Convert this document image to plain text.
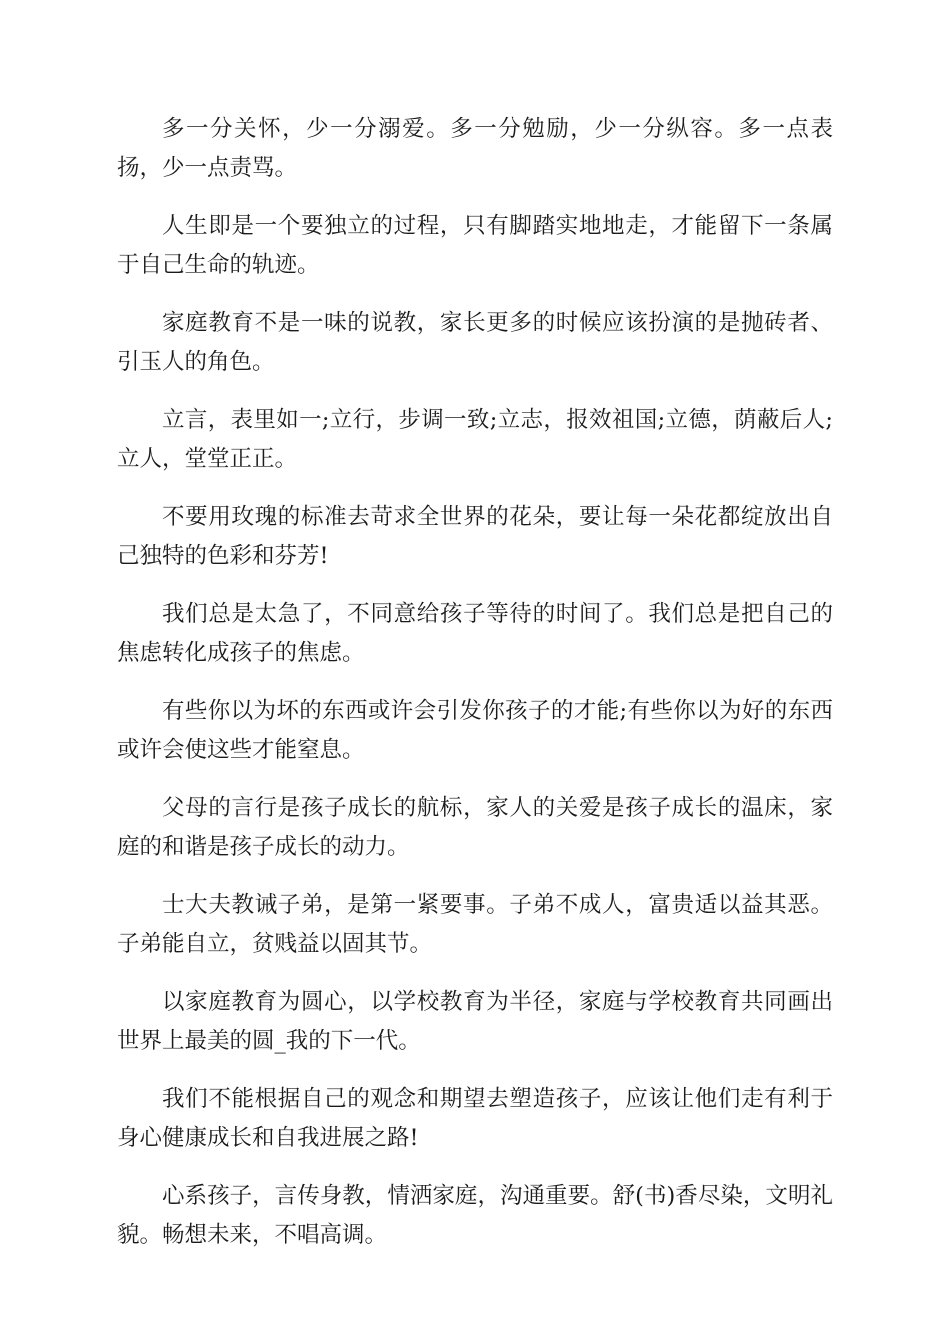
多一分关怀，少一分溺爱。多一分勉励，少一分纵容。多一点表扬，少一点责骂。

人生即是一个要独立的过程，只有脚踏实地地走，才能留下一条属于自己生命的轨迹。

家庭教育不是一味的说教，家长更多的时候应该扮演的是抛砖者、引玉人的角色。

立言，表里如一;立行，步调一致;立志，报效祖国;立德，荫蔽后人;立人，堂堂正正。

不要用玫瑰的标准去苛求全世界的花朵，要让每一朵花都绽放出自己独特的色彩和芬芳!

我们总是太急了，不同意给孩子等待的时间了。我们总是把自己的焦虑转化成孩子的焦虑。

有些你以为坏的东西或许会引发你孩子的才能;有些你以为好的东西或许会使这些才能窒息。

父母的言行是孩子成长的航标，家人的关爱是孩子成长的温床，家庭的和谐是孩子成长的动力。

士大夫教诫子弟，是第一紧要事。子弟不成人，富贵适以益其恶。子弟能自立，贫贱益以固其节。

以家庭教育为圆心，以学校教育为半径，家庭与学校教育共同画出世界上最美的圆_我的下一代。

我们不能根据自己的观念和期望去塑造孩子，应该让他们走有利于身心健康成长和自我进展之路!

心系孩子，言传身教，情洒家庭，沟通重要。舒(书)香尽染，文明礼貌。畅想未来，不唱高调。
